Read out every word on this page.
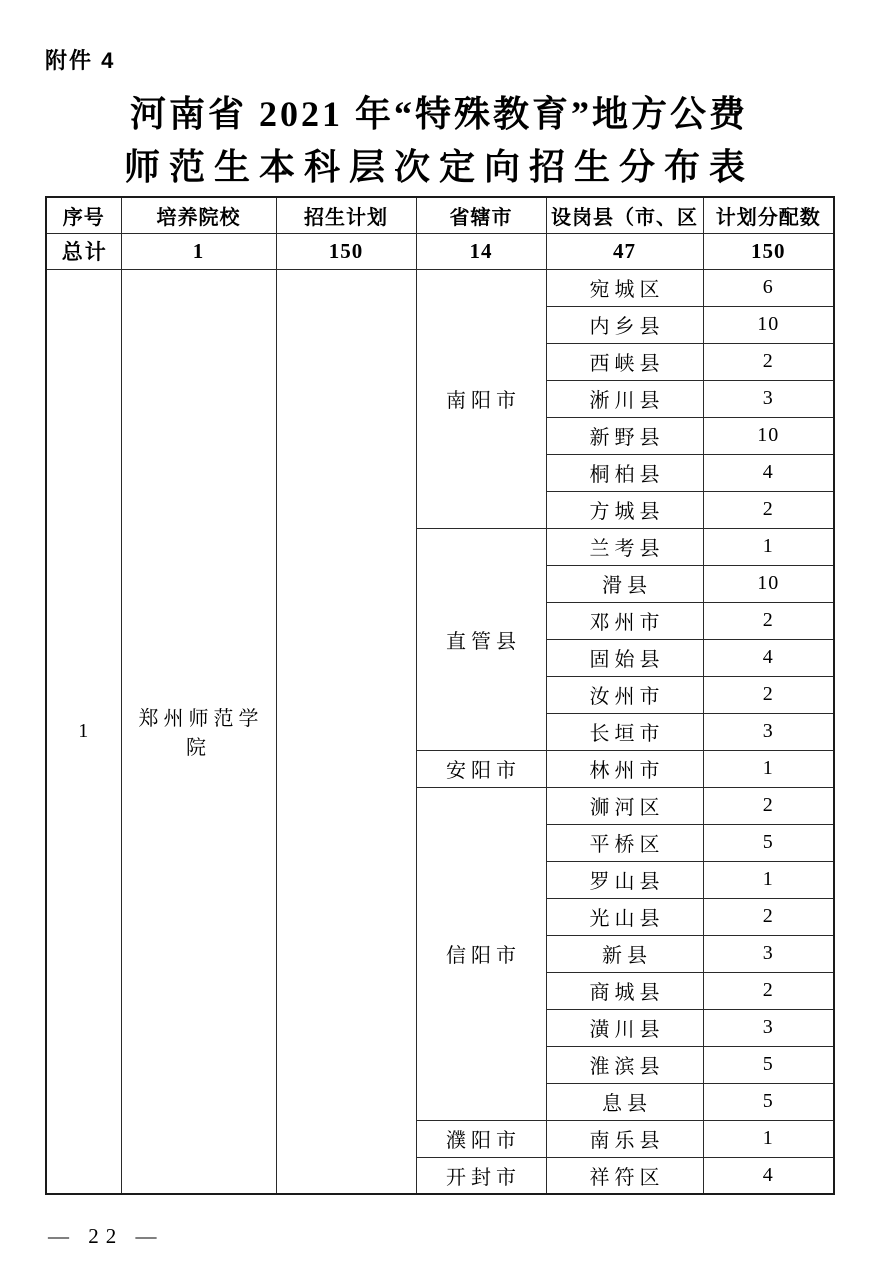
附件 4
河南省 2021 年“特殊教育”地方公费
师范生本科层次定向招生分布表
序号	培养院校	招生计划	省辖市	设岗县（市、区	计划分配数
总计	1	150	14	47	150
1	郑州师范学院		南阳市	宛城区	6
				内乡县	10
				西峡县	2
				淅川县	3
				新野县	10
				桐柏县	4
				方城县	2
			直管县	兰考县	1
				滑县	10
				邓州市	2
				固始县	4
				汝州市	2
				长垣市	3
			安阳市	林州市	1
			信阳市	浉河区	2
				平桥区	5
				罗山县	1
				光山县	2
				新县	3
				商城县	2
				潢川县	3
				淮滨县	5
				息县	5
			濮阳市	南乐县	1
			开封市	祥符区	4
— 22 —
